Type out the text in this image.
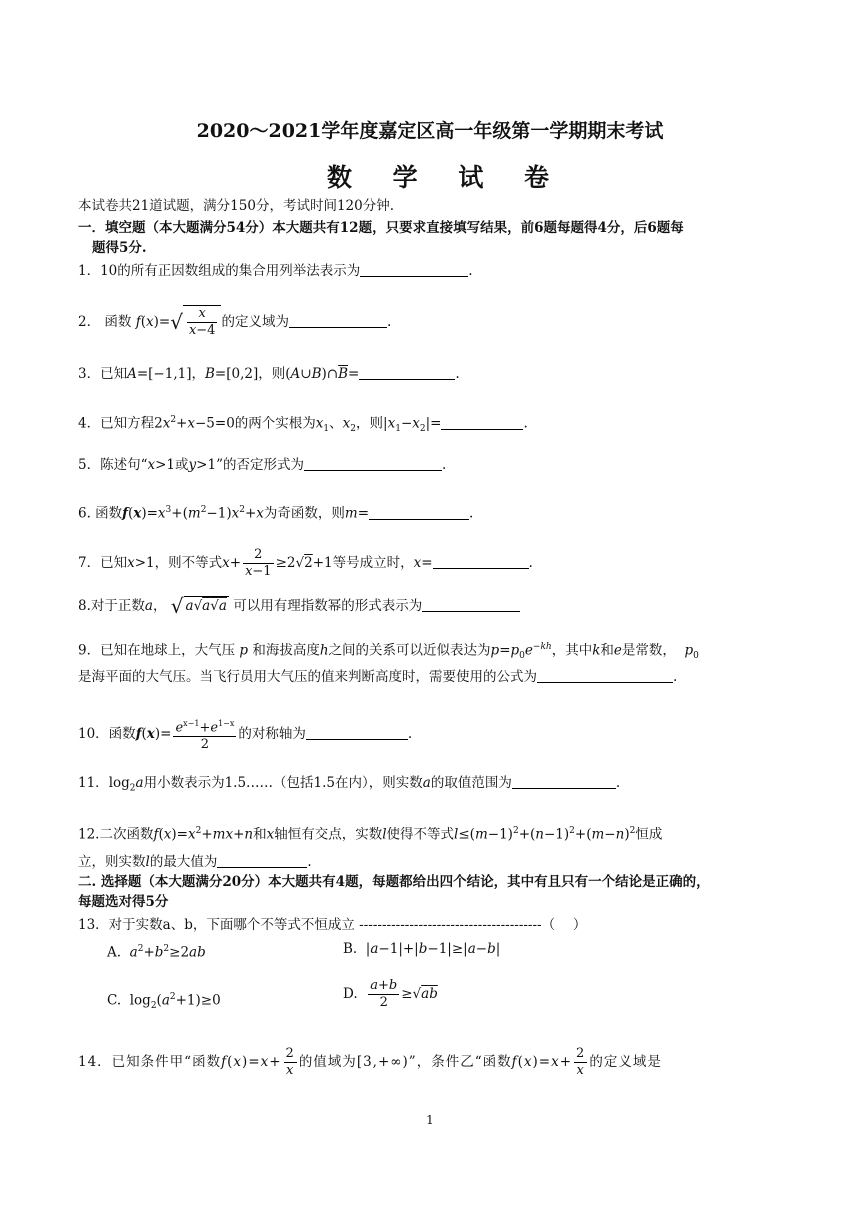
2020～2021学年度嘉定区高一年级第一学期期末考试
数 学 试 卷
本试卷共21道试题，满分150分，考试时间120分钟.
一．填空题（本大题满分54分）本大题共有12题，只要求直接填写结果，前6题每题得4分，后6题每
题得5分.
1．10的所有正因数组成的集合用列举法表示为	.
2． 函数 $f(x)=√ \frac{x}{x-4}$ 的定义域为	.
3．已知A=[−1,1]，B=[0,2]，则$(A\cup B)\cap\overline{B}=$	.
4．已知方程$2x^2+x-5=0$的两个实根为$x_1$、$x_2$，则$|x_1-x_2|=$	.
5．陈述句“x>1或y>1”的否定形式为	.
6. 函数$f(x)=x^3+(m^2-1)x^2+x$为奇函数，则m=	.
7．已知x>1，则不等式$x+ \frac{2}{x-1} \ge 2√2+1$等号成立时，x=	.
8.对于正数a， √ a√a√a 可以用有理指数幂的形式表示为
9．已知在地球上，大气压 p 和海拔高度h之间的关系可以近似表达为$p=p_0e^{-kh}$，其中k和e是常数， $p_0$
是海平面的大气压。当飞行员用大气压的值来判断高度时，需要使用的公式为	.
10．函数$f(x)= \frac{e^{x-1}+e^{1-x}}{2}$ 的对称轴为	.
11．$\log_2a$用小数表示为1.5……（包括1.5在内），则实数a的取值范围为	.
12.二次函数$f(x)=x^2+mx+n$和x轴恒有交点，实数l使得不等式$l\le(m-1)^2+(n-1)^2+(m-n)^2$恒成
立，则实数l的最大值为	.
二. 选择题（本大题满分20分）本大题共有4题，每题都给出四个结论，其中有且只有一个结论是正确的，
每题选对得5分
13．对于实数a、b，下面哪个不等式不恒成立 ----------------------------------------（　 ）
A. $a^2+b^2\ge 2ab$	B.  |a−1|+|b−1|≥|a−b|
C.  $\log_2(a^2+1)\ge 0$	D. $\frac{a+b}{2} \ge√ab$
14．已知条件甲“函数$f(x)=x+ \frac{2}{x}$ 的值域为[3,+∞)”，条件乙“函数$f(x)=x+ \frac{2}{x}$ 的定义域是
1
